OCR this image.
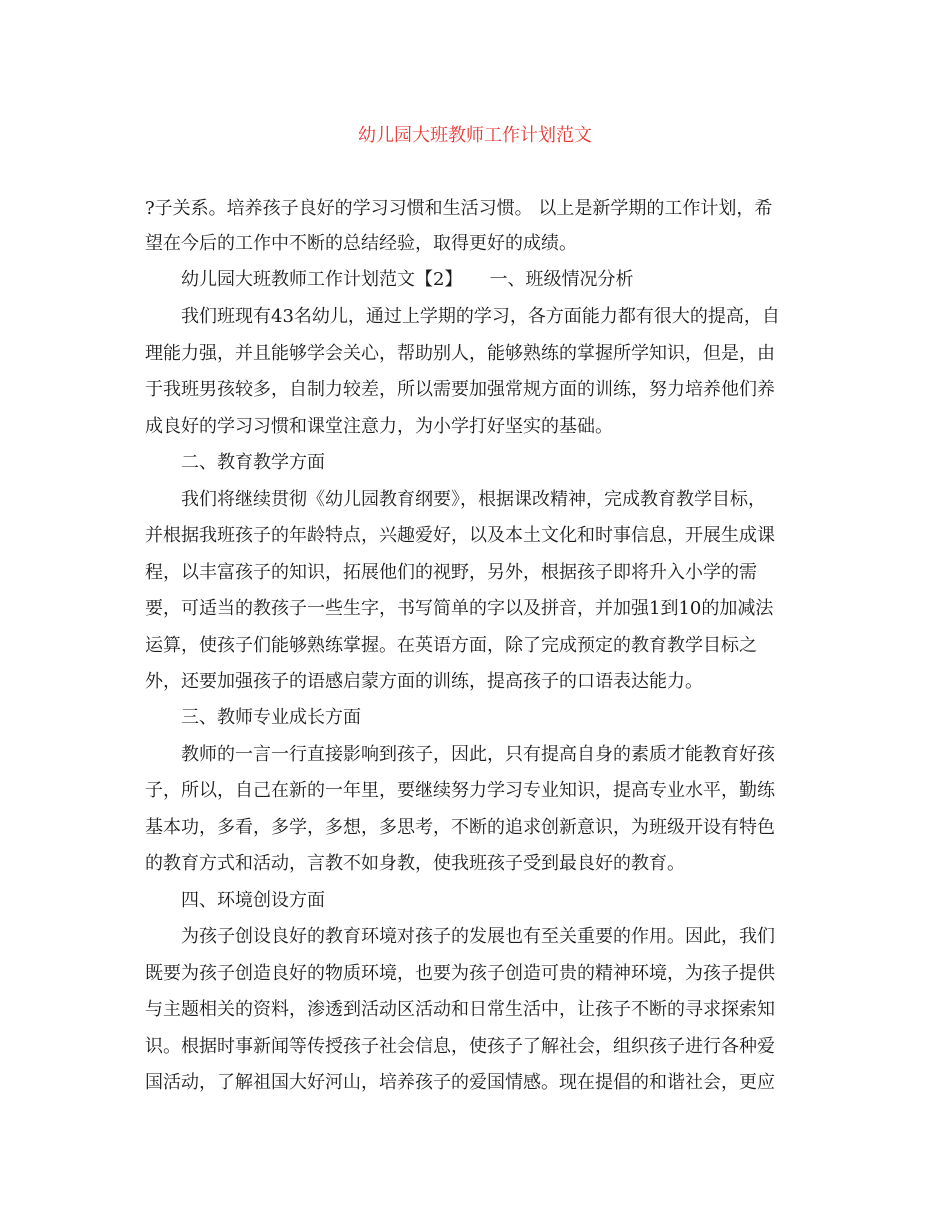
幼儿园大班教师工作计划范文

?子关系。培养孩子良好的学习习惯和生活习惯。 以上是新学期的工作计划，希

望在今后的工作中不断的总结经验，取得更好的成绩。

幼儿园大班教师工作计划范文【2】　　一、班级情况分析

我们班现有43名幼儿，通过上学期的学习，各方面能力都有很大的提高，自

理能力强，并且能够学会关心，帮助别人，能够熟练的掌握所学知识，但是，由

于我班男孩较多，自制力较差，所以需要加强常规方面的训练，努力培养他们养

成良好的学习习惯和课堂注意力，为小学打好坚实的基础。

二、教育教学方面

我们将继续贯彻《幼儿园教育纲要》，根据课改精神，完成教育教学目标，

并根据我班孩子的年龄特点，兴趣爱好，以及本土文化和时事信息，开展生成课

程，以丰富孩子的知识，拓展他们的视野，另外，根据孩子即将升入小学的需

要，可适当的教孩子一些生字，书写简单的字以及拼音，并加强1到10的加减法

运算，使孩子们能够熟练掌握。在英语方面，除了完成预定的教育教学目标之

外，还要加强孩子的语感启蒙方面的训练，提高孩子的口语表达能力。

三、教师专业成长方面

教师的一言一行直接影响到孩子，因此，只有提高自身的素质才能教育好孩

子，所以，自己在新的一年里，要继续努力学习专业知识，提高专业水平，勤练

基本功，多看，多学，多想，多思考，不断的追求创新意识，为班级开设有特色

的教育方式和活动，言教不如身教，使我班孩子受到最良好的教育。

四、环境创设方面

为孩子创设良好的教育环境对孩子的发展也有至关重要的作用。因此，我们

既要为孩子创造良好的物质环境，也要为孩子创造可贵的精神环境，为孩子提供

与主题相关的资料，渗透到活动区活动和日常生活中，让孩子不断的寻求探索知

识。根据时事新闻等传授孩子社会信息，使孩子了解社会，组织孩子进行各种爱

国活动，了解祖国大好河山，培养孩子的爱国情感。现在提倡的和谐社会，更应
